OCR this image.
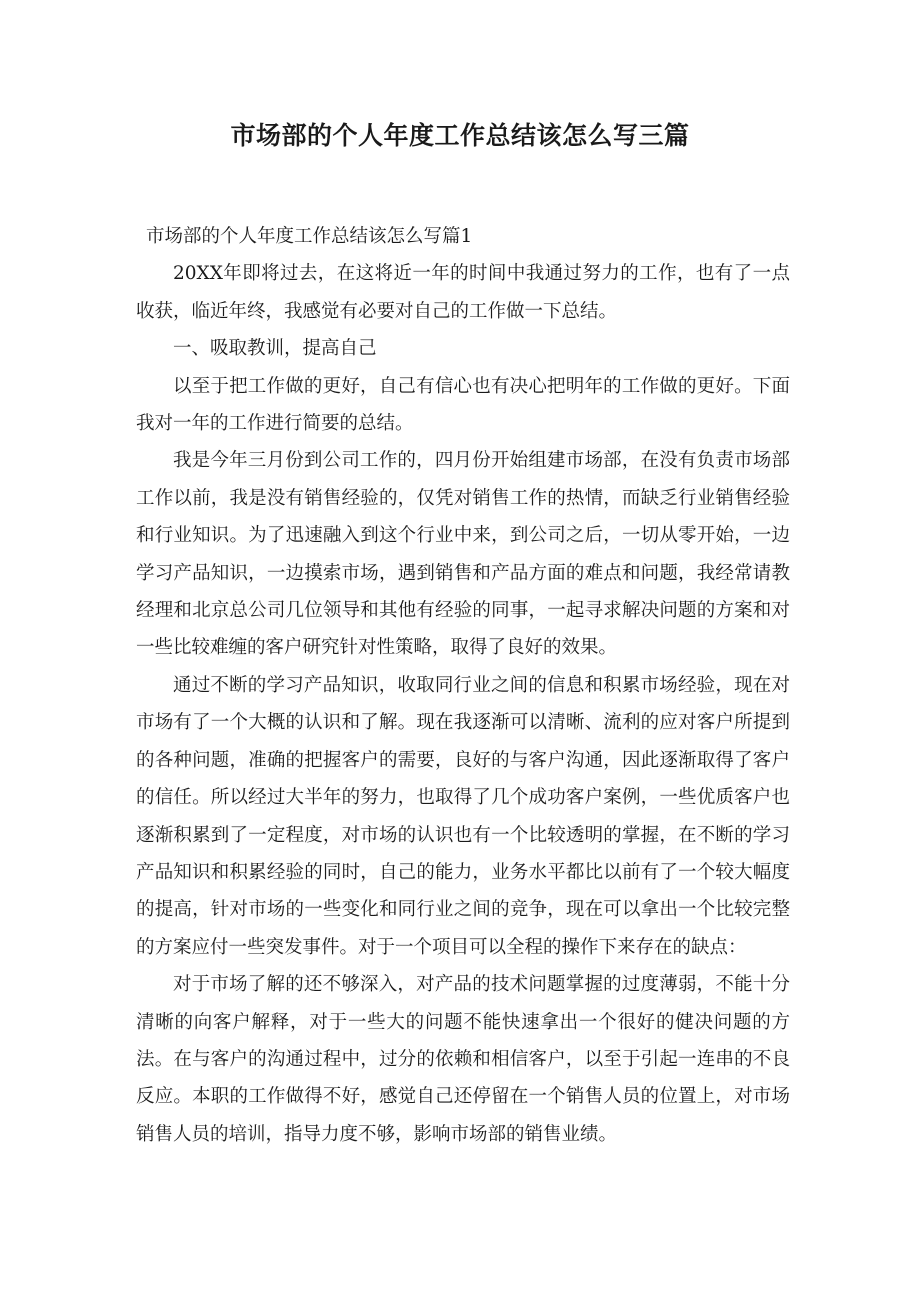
市场部的个人年度工作总结该怎么写三篇

市场部的个人年度工作总结该怎么写篇1

20XX年即将过去，在这将近一年的时间中我通过努力的工作，也有了一点收获，临近年终，我感觉有必要对自己的工作做一下总结。

一、吸取教训，提高自己

以至于把工作做的更好，自己有信心也有决心把明年的工作做的更好。下面我对一年的工作进行简要的总结。

我是今年三月份到公司工作的，四月份开始组建市场部，在没有负责市场部工作以前，我是没有销售经验的，仅凭对销售工作的热情，而缺乏行业销售经验和行业知识。为了迅速融入到这个行业中来，到公司之后，一切从零开始，一边学习产品知识，一边摸索市场，遇到销售和产品方面的难点和问题，我经常请教经理和北京总公司几位领导和其他有经验的同事，一起寻求解决问题的方案和对一些比较难缠的客户研究针对性策略，取得了良好的效果。

通过不断的学习产品知识，收取同行业之间的信息和积累市场经验，现在对市场有了一个大概的认识和了解。现在我逐渐可以清晰、流利的应对客户所提到的各种问题，准确的把握客户的需要，良好的与客户沟通，因此逐渐取得了客户的信任。所以经过大半年的努力，也取得了几个成功客户案例，一些优质客户也逐渐积累到了一定程度，对市场的认识也有一个比较透明的掌握，在不断的学习产品知识和积累经验的同时，自己的能力，业务水平都比以前有了一个较大幅度的提高，针对市场的一些变化和同行业之间的竞争，现在可以拿出一个比较完整的方案应付一些突发事件。对于一个项目可以全程的操作下来存在的缺点：

对于市场了解的还不够深入，对产品的技术问题掌握的过度薄弱，不能十分清晰的向客户解释，对于一些大的问题不能快速拿出一个很好的健决问题的方法。在与客户的沟通过程中，过分的依赖和相信客户，以至于引起一连串的不良反应。本职的工作做得不好，感觉自己还停留在一个销售人员的位置上，对市场销售人员的培训，指导力度不够，影响市场部的销售业绩。
